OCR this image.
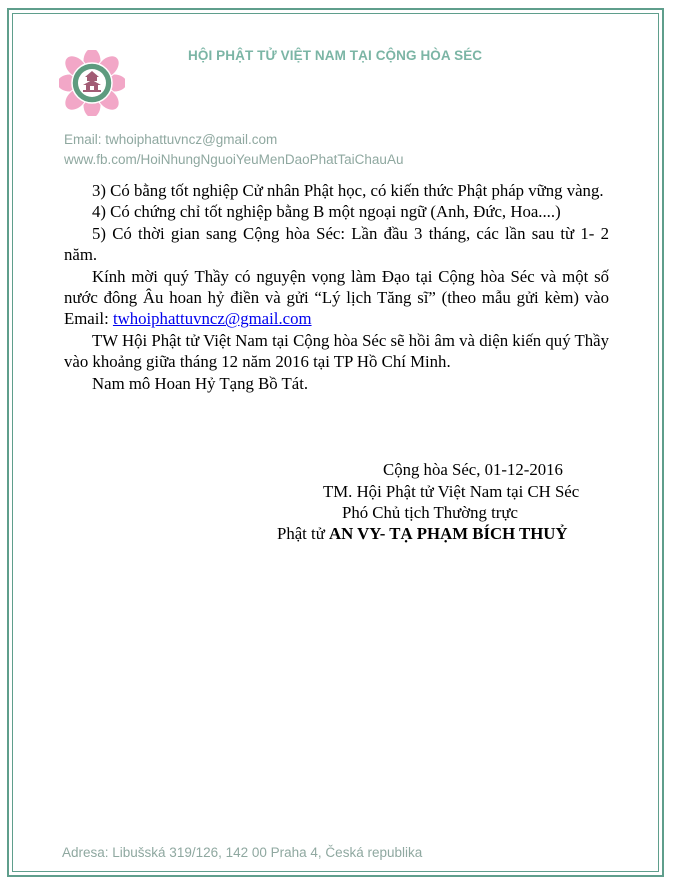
HỘI PHẬT TỬ VIỆT NAM TẠI CỘNG HÒA SÉC
Email: twhoiphattuvncz@gmail.com
www.fb.com/HoiNhungNguoiYeuMenDaoPhatTaiChauAu

3) Có bằng tốt nghiệp Cử nhân Phật học, có kiến thức Phật pháp vững vàng.

4) Có chứng chỉ tốt nghiệp bằng B một ngoại ngữ (Anh, Đức, Hoa....)

5) Có thời gian sang Cộng hòa Séc: Lần đầu 3 tháng, các lần sau từ 1- 2 năm.

Kính mời quý Thầy có nguyện vọng làm Đạo tại Cộng hòa Séc và một số nước đông Âu hoan hỷ điền và gửi “Lý lịch Tăng sĩ” (theo mẫu gửi kèm) vào Email: twhoiphattuvncz@gmail.com

TW Hội Phật tử Việt Nam tại Cộng hòa Séc sẽ hồi âm và diện kiến quý Thầy vào khoảng giữa tháng 12 năm 2016 tại TP Hồ Chí Minh.

Nam mô Hoan Hỷ Tạng Bồ Tát.

Cộng hòa Séc, 01-12-2016
TM. Hội Phật tử Việt Nam tại CH Séc
Phó Chủ tịch Thường trực
Phật tử AN VY- TẠ PHẠM BÍCH THUỶ
Adresa: Libušská 319/126, 142 00 Praha 4, Česká republika
